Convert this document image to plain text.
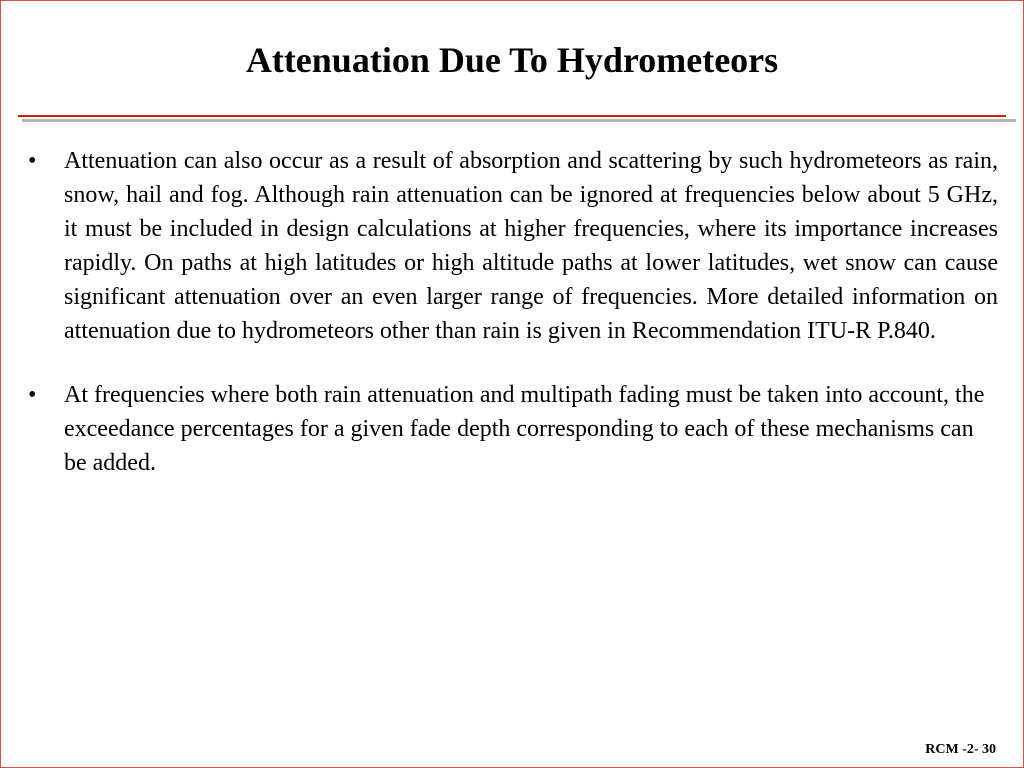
Attenuation Due To Hydrometeors
•	Attenuation can also occur as a result of absorption and scattering by such hydrometeors as rain, snow, hail and fog. Although rain attenuation can be ignored at frequencies below about 5 GHz, it must be included in design calculations at higher frequencies, where its importance increases rapidly. On paths at high latitudes or high altitude paths at lower latitudes, wet snow can cause significant attenuation over an even larger range of frequencies. More detailed information on attenuation due to hydrometeors other than rain is given in Recommendation ITU-R P.840.
•	At frequencies where both rain attenuation and multipath fading must be taken into account, the exceedance percentages for a given fade depth corresponding to each of these mechanisms can be added.
RCM -2- 30
